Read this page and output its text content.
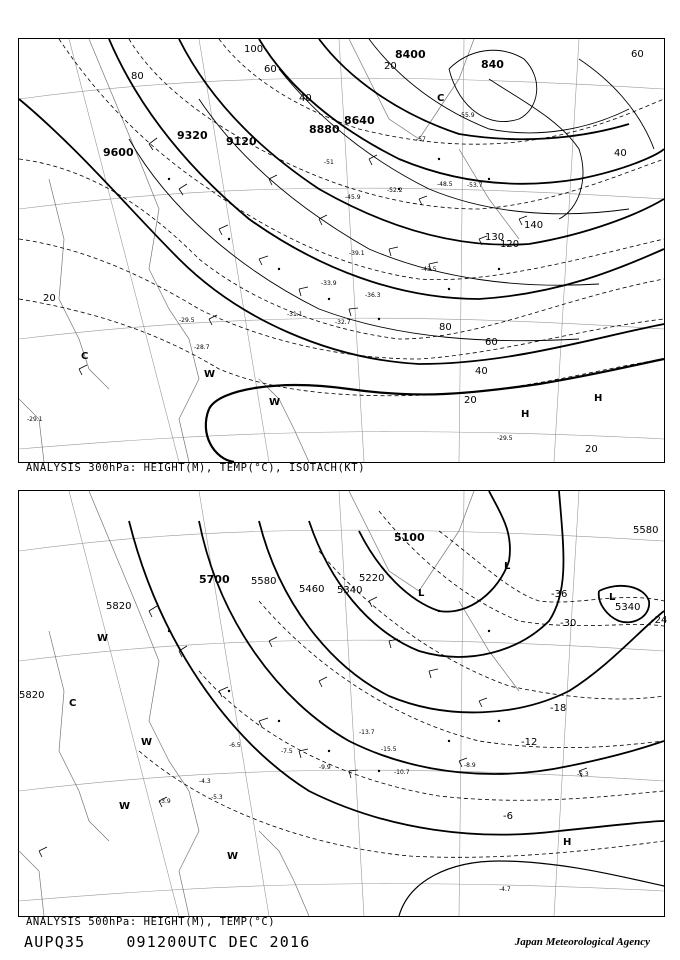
9600
9320 9120
8880
8640
8400
840
100
80
60
40
20
120
140
130
80
60
40
20
20
20
40
60
-28.7
-29.5
-31.1
-32.7
-33.9
-36.3
-39.1
-43.5
-45.9
-48.5
-51
-52.2
-53.7
-55.9
-57
-29.1
-29.5
C
C
W
W
H
H
ANALYSIS 300hPa: HEIGHT(M), TEMP(°C), ISOTACH(KT)
5100
5220
5340
5460
5580
5700
5820	5340
5580
5820
-36
-30	-24
-18
-12
-6
-8.9
-5.3
-4.7
-10.7
-15.5
-13.7
-9.9
-7.5
-4.3
-6.5
-3.9
-5.3
L
L	L
C
W
W
W
W
H
ANALYSIS 500hPa: HEIGHT(M), TEMP(°C)
AUPQ35	091200UTC DEC 2016	Japan Meteorological Agency
